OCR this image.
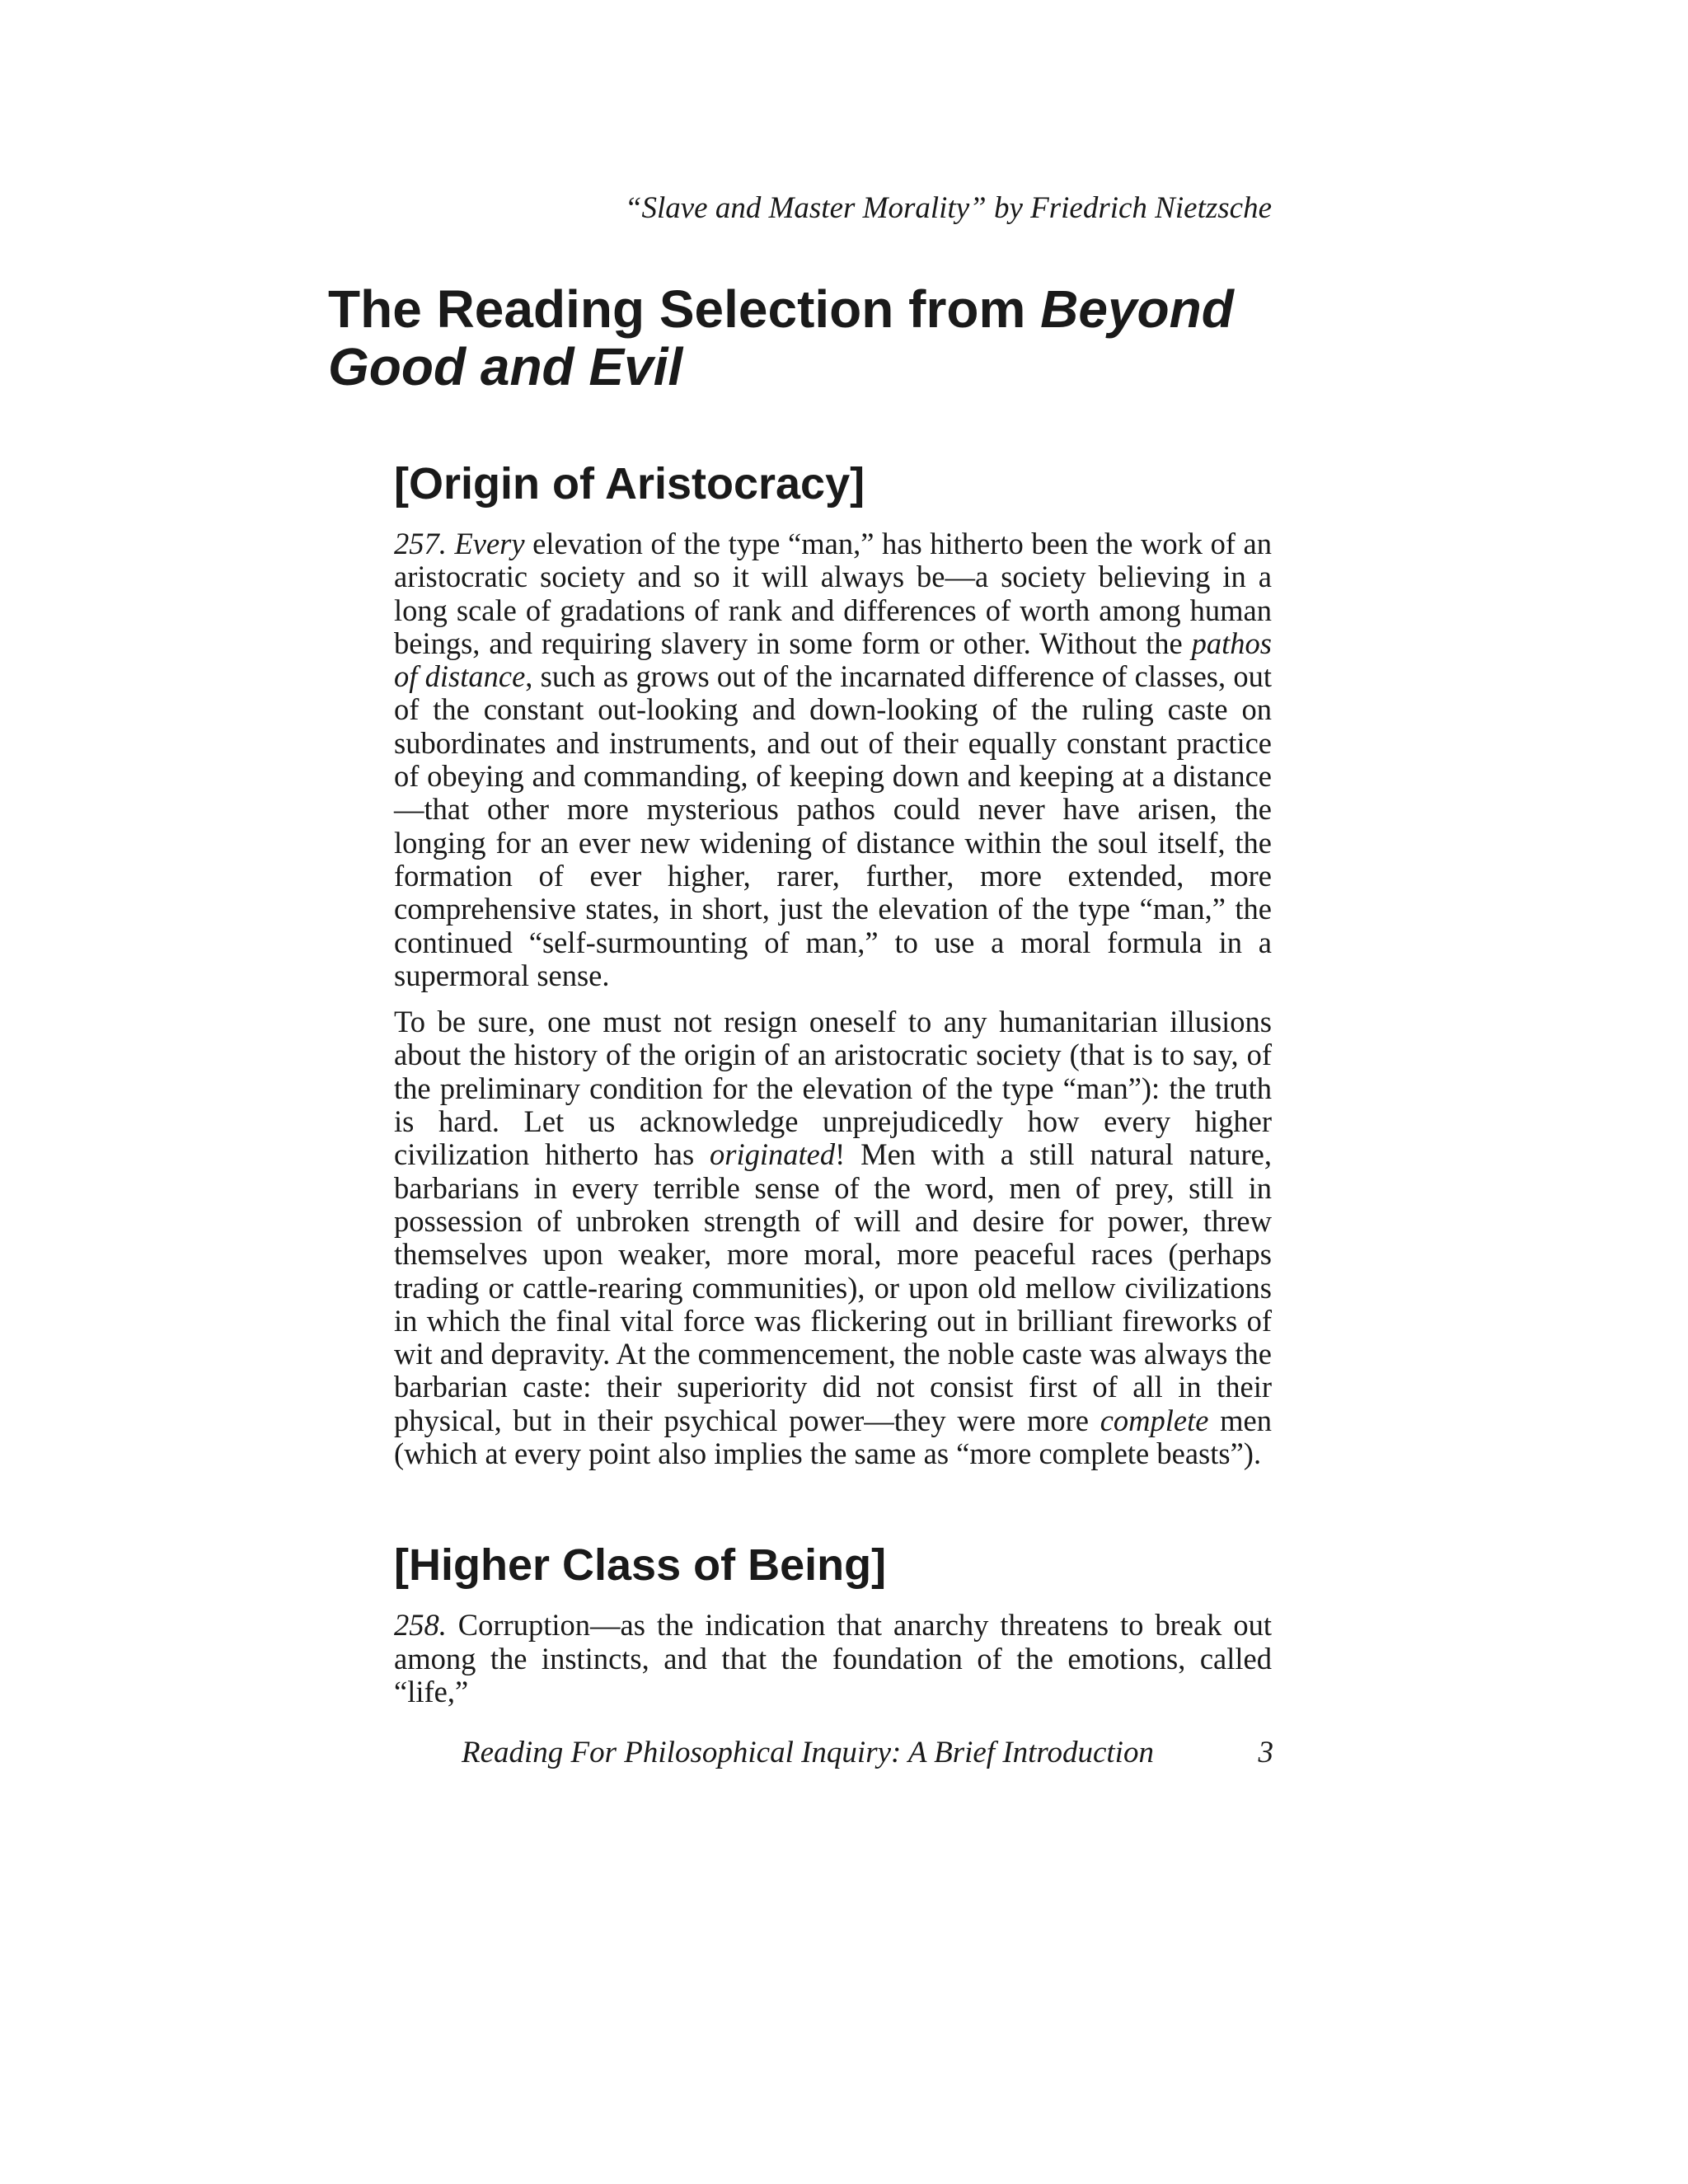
“Slave and Master Morality” by Friedrich Nietzsche
The Reading Selection from Beyond
Good and Evil
[Origin of Aristocracy]

257. Every elevation of the type “man,” has hitherto been the work of an aristocratic society and so it will always be—a society believing in a long scale of gradations of rank and differences of worth among human beings, and requiring slavery in some form or other. Without the pathos of distance, such as grows out of the incarnated difference of classes, out of the constant out-looking and down-looking of the ruling caste on subordinates and instruments, and out of their equally constant practice of obeying and commanding, of keeping down and keeping at a distance—that other more mysterious pathos could never have arisen, the longing for an ever new widening of distance within the soul itself, the formation of ever higher, rarer, further, more extended, more comprehensive states, in short, just the elevation of the type “man,” the continued “self-surmounting of man,” to use a moral formula in a supermoral sense.

To be sure, one must not resign oneself to any humanitarian illusions about the history of the origin of an aristocratic society (that is to say, of the preliminary condition for the elevation of the type “man”): the truth is hard. Let us acknowledge unprejudicedly how every higher civilization hitherto has originated! Men with a still natural nature, barbarians in every terrible sense of the word, men of prey, still in possession of unbroken strength of will and desire for power, threw themselves upon weaker, more moral, more peaceful races (perhaps trading or cattle-rearing communities), or upon old mellow civilizations in which the final vital force was flickering out in brilliant fireworks of wit and depravity. At the commencement, the noble caste was always the barbarian caste: their superiority did not consist first of all in their physical, but in their psychical power—they were more complete men (which at every point also implies the same as “more complete beasts”).

[Higher Class of Being]

258. Corruption—as the indication that anarchy threatens to break out among the instincts, and that the foundation of the emotions, called “life,”

Reading For Philosophical Inquiry: A Brief Introduction	3
